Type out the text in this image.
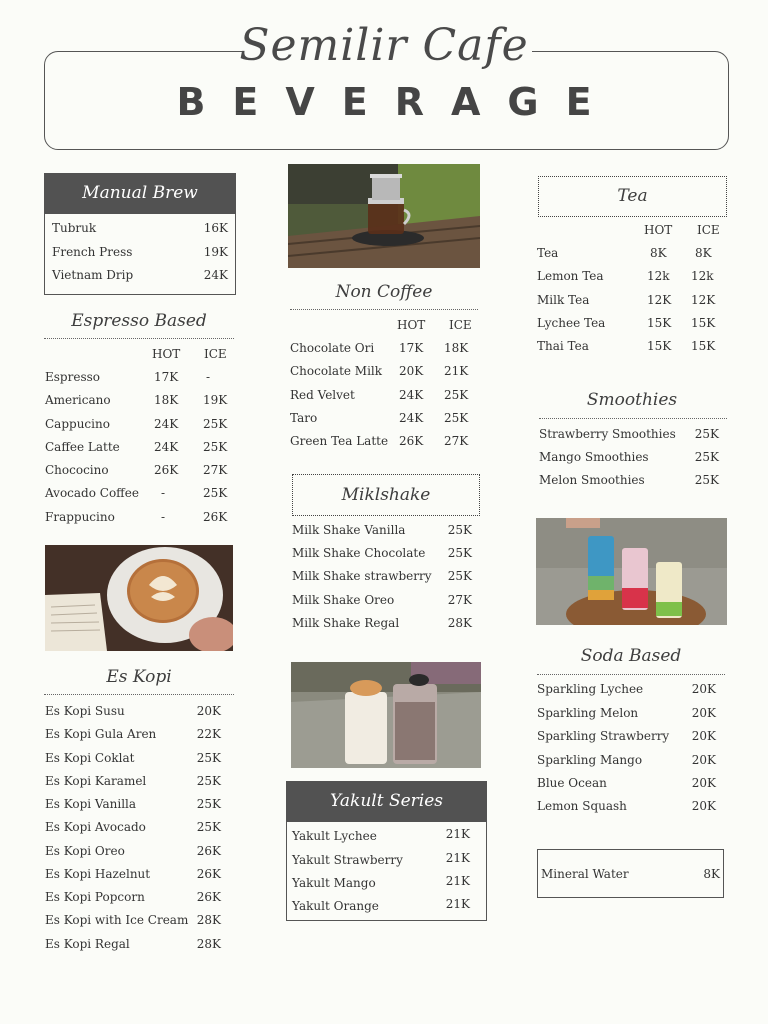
Semilir Cafe
BEVERAGE
Manual Brew
Tubruk	16K
French Press	19K
Vietnam Drip	24K
Espresso Based
HOT ICE
Espresso	17K -
Americano	18K 19K
Cappucino	24K 25K
Caffee Latte	24K 25K
Chococino	26K 27K
Avocado Coffee -	25K
Frappucino	-	26K
Es Kopi
Es Kopi Susu	20K
Es Kopi Gula Aren	22K
Es Kopi Coklat	25K
Es Kopi Karamel	25K
Es Kopi Vanilla	25K
Es Kopi Avocado	25K
Es Kopi Oreo	26K
Es Kopi Hazelnut	26K
Es Kopi Popcorn	26K
Es Kopi with Ice Cream 28K
Es Kopi Regal	28K
Non Coffee
HOT ICE
Chocolate Ori 17K 18K
Chocolate Milk 20K 21K
Red Velvet	24K 25K
Taro	24K 25K
Green Tea Latte 26K 27K
Miklshake
Milk Shake Vanilla	25K
Milk Shake Chocolate 25K
Milk Shake strawberry 25K
Milk Shake Oreo	27K
Milk Shake Regal	28K
Yakult Series
Yakult Lychee	21K
Yakult Strawberry	21K
Yakult Mango	21K
Yakult Orange	21K
Tea
HOT ICE
Tea	8K 8K
Lemon Tea	12k 12k
Milk Tea	12K 12K
Lychee Tea	15K 15K
Thai Tea	15K 15K
Smoothies
Strawberry Smoothies 25K
Mango Smoothies	25K
Melon Smoothies	25K
Soda Based
Sparkling Lychee	20K
Sparkling Melon	20K
Sparkling Strawberry 20K
Sparkling Mango	20K
Blue Ocean	20K
Lemon Squash	20K
Mineral Water	8K
